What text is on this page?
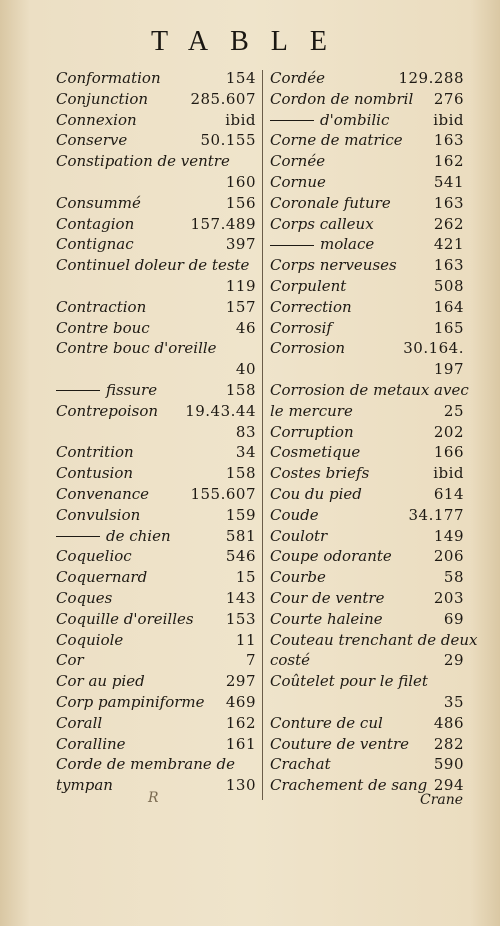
TABLE
Conformation	154
Conjunction	285.607
Connexion	ibid
Conserve	50.155
Constipation de ventre
160
Consummé	156
Contagion	157.489
Contignac	397
Continuel doleur de teste
119
Contraction	157
Contre bouc	46
Contre bouc d'oreille
40
fissure	158
Contrepoison 19.43.44
83
Contrition	34
Contusion	158
Convenance	155.607
Convulsion	159
de chien	581
Coquelioc	546
Coquernard	15
Coques	143
Coquille d'oreilles 153
Coquiole	11
Cor	7
Cor au pied	297
Corp pampiniforme 469
Corall	162
Coralline	161
Corde de membrane de
tympan	130
Cordée	129.288
Cordon de nombril 276
d'ombilic	ibid
Corne de matrice 163
Cornée	162
Cornue	541
Coronale future	163
Corps calleux	262
molace	421
Corps nerveuses 163
Corpulent	508
Correction	164
Corrosif	165
Corrosion	30.164.
197
Corrosion de metaux avec
le mercure	25
Corruption	202
Cosmetique	166
Costes briefs	ibid
Cou du pied	614
Coude	34.177
Coulotr	149
Coupe odorante	206
Courbe	58
Cour de ventre	203
Courte haleine	69
Couteau trenchant de deux
costé	29
Coûtelet pour le filet
35
Conture de cul	486
Couture de ventre 282
Crachat	590
Crachement de sang 294
R	Crane
